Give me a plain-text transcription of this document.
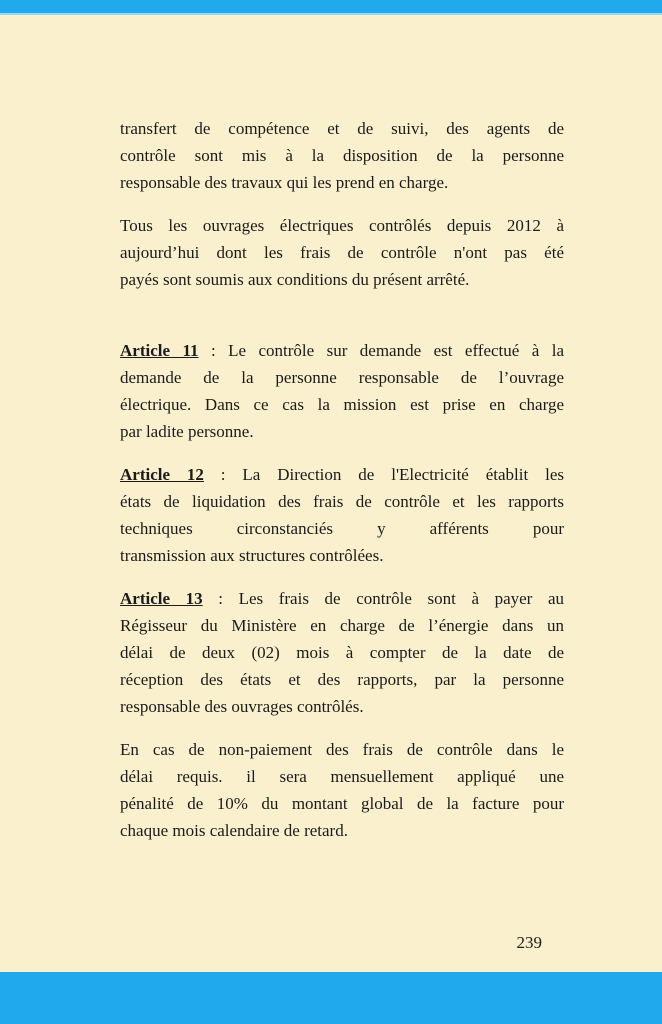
transfert de compétence et de suivi, des agents de
contrôle sont mis à la disposition de la personne
responsable des travaux qui les prend en charge.
Tous les ouvrages électriques contrôlés depuis 2012 à
aujourd’hui dont les frais de contrôle n'ont pas été
payés sont soumis aux conditions du présent arrêté.
Article 11 : Le contrôle sur demande est effectué à la
demande de la personne responsable de l’ouvrage
électrique. Dans ce cas la mission est prise en charge
par ladite personne.
Article 12 : La Direction de l'Electricité établit les
états de liquidation des frais de contrôle et les rapports
techniques circonstanciés y afférents pour
transmission aux structures contrôlées.
Article 13 : Les frais de contrôle sont à payer au
Régisseur du Ministère en charge de l’énergie dans un
délai de deux (02) mois à compter de la date de
réception des états et des rapports, par la personne
responsable des ouvrages contrôlés.
En cas de non-paiement des frais de contrôle dans le
délai requis. il sera mensuellement appliqué une
pénalité de 10% du montant global de la facture pour
chaque mois calendaire de retard.
239
